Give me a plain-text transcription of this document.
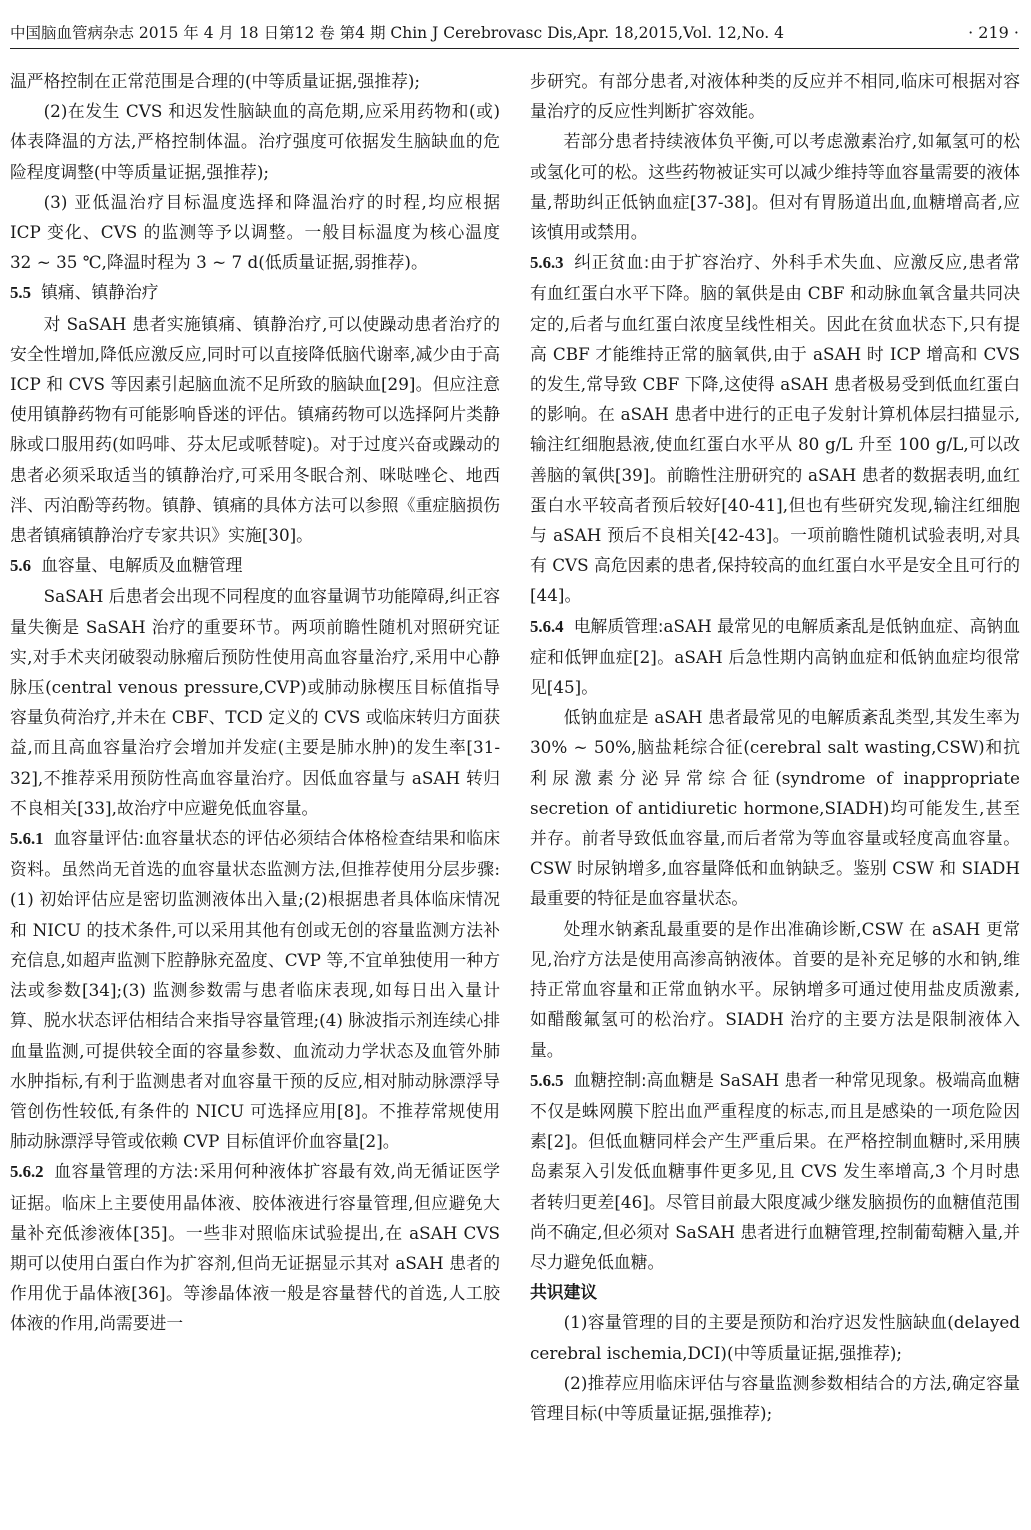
中国脑血管病杂志 2015 年 4 月 18 日第12 卷 第4 期 Chin J Cerebrovasc Dis,Apr. 18,2015,Vol. 12,No. 4	· 219 ·

温严格控制在正常范围是合理的(中等质量证据,强推荐);

(2)在发生 CVS 和迟发性脑缺血的高危期,应采用药物和(或)体表降温的方法,严格控制体温。治疗强度可依据发生脑缺血的危险程度调整(中等质量证据,强推荐);

(3) 亚低温治疗目标温度选择和降温治疗的时程,均应根据 ICP 变化、CVS 的监测等予以调整。一般目标温度为核心温度 32 ~ 35 ℃,降温时程为 3 ~ 7 d(低质量证据,弱推荐)。

5.5 镇痛、镇静治疗

对 SaSAH 患者实施镇痛、镇静治疗,可以使躁动患者治疗的安全性增加,降低应激反应,同时可以直接降低脑代谢率,减少由于高 ICP 和 CVS 等因素引起脑血流不足所致的脑缺血[29]。但应注意使用镇静药物有可能影响昏迷的评估。镇痛药物可以选择阿片类静脉或口服用药(如吗啡、芬太尼或哌替啶)。对于过度兴奋或躁动的患者必须采取适当的镇静治疗,可采用冬眠合剂、咪哒唑仑、地西泮、丙泊酚等药物。镇静、镇痛的具体方法可以参照《重症脑损伤患者镇痛镇静治疗专家共识》实施[30]。

5.6 血容量、电解质及血糖管理

SaSAH 后患者会出现不同程度的血容量调节功能障碍,纠正容量失衡是 SaSAH 治疗的重要环节。两项前瞻性随机对照研究证实,对手术夹闭破裂动脉瘤后预防性使用高血容量治疗,采用中心静脉压(central venous pressure,CVP)或肺动脉楔压目标值指导容量负荷治疗,并未在 CBF、TCD 定义的 CVS 或临床转归方面获益,而且高血容量治疗会增加并发症(主要是肺水肿)的发生率[31-32],不推荐采用预防性高血容量治疗。因低血容量与 aSAH 转归不良相关[33],故治疗中应避免低血容量。

5.6.1 血容量评估:血容量状态的评估必须结合体格检查结果和临床资料。虽然尚无首选的血容量状态监测方法,但推荐使用分层步骤:(1) 初始评估应是密切监测液体出入量;(2)根据患者具体临床情况和 NICU 的技术条件,可以采用其他有创或无创的容量监测方法补充信息,如超声监测下腔静脉充盈度、CVP 等,不宜单独使用一种方法或参数[34];(3) 监测参数需与患者临床表现,如每日出入量计算、脱水状态评估相结合来指导容量管理;(4) 脉波指示剂连续心排血量监测,可提供较全面的容量参数、血流动力学状态及血管外肺水肿指标,有利于监测患者对血容量干预的反应,相对肺动脉漂浮导管创伤性较低,有条件的 NICU 可选择应用[8]。不推荐常规使用肺动脉漂浮导管或依赖 CVP 目标值评价血容量[2]。

5.6.2 血容量管理的方法:采用何种液体扩容最有效,尚无循证医学证据。临床上主要使用晶体液、胶体液进行容量管理,但应避免大量补充低渗液体[35]。一些非对照临床试验提出,在 aSAH CVS 期可以使用白蛋白作为扩容剂,但尚无证据显示其对 aSAH 患者的作用优于晶体液[36]。等渗晶体液一般是容量替代的首选,人工胶体液的作用,尚需要进一

步研究。有部分患者,对液体种类的反应并不相同,临床可根据对容量治疗的反应性判断扩容效能。

若部分患者持续液体负平衡,可以考虑激素治疗,如氟氢可的松或氢化可的松。这些药物被证实可以减少维持等血容量需要的液体量,帮助纠正低钠血症[37-38]。但对有胃肠道出血,血糖增高者,应该慎用或禁用。

5.6.3 纠正贫血:由于扩容治疗、外科手术失血、应激反应,患者常有血红蛋白水平下降。脑的氧供是由 CBF 和动脉血氧含量共同决定的,后者与血红蛋白浓度呈线性相关。因此在贫血状态下,只有提高 CBF 才能维持正常的脑氧供,由于 aSAH 时 ICP 增高和 CVS 的发生,常导致 CBF 下降,这使得 aSAH 患者极易受到低血红蛋白的影响。在 aSAH 患者中进行的正电子发射计算机体层扫描显示,输注红细胞悬液,使血红蛋白水平从 80 g/L 升至 100 g/L,可以改善脑的氧供[39]。前瞻性注册研究的 aSAH 患者的数据表明,血红蛋白水平较高者预后较好[40-41],但也有些研究发现,输注红细胞与 aSAH 预后不良相关[42-43]。一项前瞻性随机试验表明,对具有 CVS 高危因素的患者,保持较高的血红蛋白水平是安全且可行的[44]。

5.6.4 电解质管理:aSAH 最常见的电解质紊乱是低钠血症、高钠血症和低钾血症[2]。aSAH 后急性期内高钠血症和低钠血症均很常见[45]。

低钠血症是 aSAH 患者最常见的电解质紊乱类型,其发生率为 30% ~ 50%,脑盐耗综合征(cerebral salt wasting,CSW)和抗利尿激素分泌异常综合征(syndrome of inappropriate secretion of antidiuretic hormone,SIADH)均可能发生,甚至并存。前者导致低血容量,而后者常为等血容量或轻度高血容量。CSW 时尿钠增多,血容量降低和血钠缺乏。鉴别 CSW 和 SIADH 最重要的特征是血容量状态。

处理水钠紊乱最重要的是作出准确诊断,CSW 在 aSAH 更常见,治疗方法是使用高渗高钠液体。首要的是补充足够的水和钠,维持正常血容量和正常血钠水平。尿钠增多可通过使用盐皮质激素,如醋酸氟氢可的松治疗。SIADH 治疗的主要方法是限制液体入量。

5.6.5 血糖控制:高血糖是 SaSAH 患者一种常见现象。极端高血糖不仅是蛛网膜下腔出血严重程度的标志,而且是感染的一项危险因素[2]。但低血糖同样会产生严重后果。在严格控制血糖时,采用胰岛素泵入引发低血糖事件更多见,且 CVS 发生率增高,3 个月时患者转归更差[46]。尽管目前最大限度减少继发脑损伤的血糖值范围尚不确定,但必须对 SaSAH 患者进行血糖管理,控制葡萄糖入量,并尽力避免低血糖。

共识建议

(1)容量管理的目的主要是预防和治疗迟发性脑缺血(delayed cerebral ischemia,DCI)(中等质量证据,强推荐);

(2)推荐应用临床评估与容量监测参数相结合的方法,确定容量管理目标(中等质量证据,强推荐);
